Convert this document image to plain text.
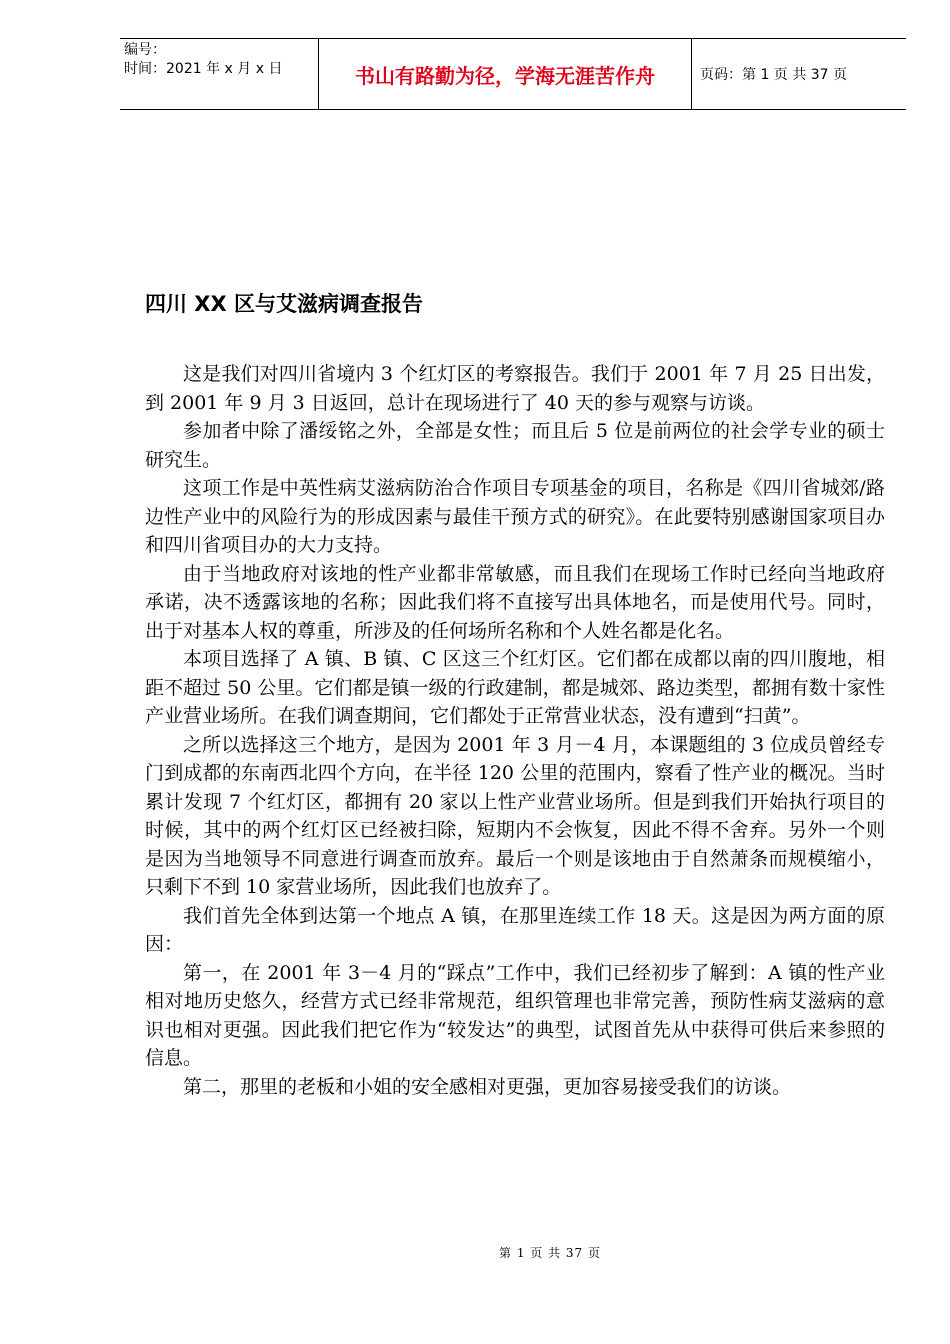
编号：
时间：2021 年 x 月 x 日	书山有路勤为径，学海无涯苦作舟	页码：第 1 页 共 37 页
四川 XX 区与艾滋病调查报告

这是我们对四川省境内 3 个红灯区的考察报告。我们于 2001 年 7 月 25 日出发，到 2001 年 9 月 3 日返回，总计在现场进行了 40 天的参与观察与访谈。

参加者中除了潘绥铭之外，全部是女性；而且后 5 位是前两位的社会学专业的硕士研究生。

这项工作是中英性病艾滋病防治合作项目专项基金的项目，名称是《四川省城郊/路边性产业中的风险行为的形成因素与最佳干预方式的研究》。在此要特别感谢国家项目办和四川省项目办的大力支持。

由于当地政府对该地的性产业都非常敏感，而且我们在现场工作时已经向当地政府承诺，决不透露该地的名称；因此我们将不直接写出具体地名，而是使用代号。同时，出于对基本人权的尊重，所涉及的任何场所名称和个人姓名都是化名。

本项目选择了 A 镇、B 镇、C 区这三个红灯区。它们都在成都以南的四川腹地，相距不超过 50 公里。它们都是镇一级的行政建制，都是城郊、路边类型，都拥有数十家性产业营业场所。在我们调查期间，它们都处于正常营业状态，没有遭到“扫黄”。

之所以选择这三个地方，是因为 2001 年 3 月－4 月，本课题组的 3 位成员曾经专门到成都的东南西北四个方向，在半径 120 公里的范围内，察看了性产业的概况。当时累计发现 7 个红灯区，都拥有 20 家以上性产业营业场所。但是到我们开始执行项目的时候，其中的两个红灯区已经被扫除，短期内不会恢复，因此不得不舍弃。另外一个则是因为当地领导不同意进行调查而放弃。最后一个则是该地由于自然萧条而规模缩小，只剩下不到 10 家营业场所，因此我们也放弃了。

我们首先全体到达第一个地点 A 镇，在那里连续工作 18 天。这是因为两方面的原因：

第一，在 2001 年 3－4 月的“踩点”工作中，我们已经初步了解到：A 镇的性产业相对地历史悠久，经营方式已经非常规范，组织管理也非常完善，预防性病艾滋病的意识也相对更强。因此我们把它作为“较发达”的典型，试图首先从中获得可供后来参照的信息。

第二，那里的老板和小姐的安全感相对更强，更加容易接受我们的访谈。

第 1 页 共 37 页
